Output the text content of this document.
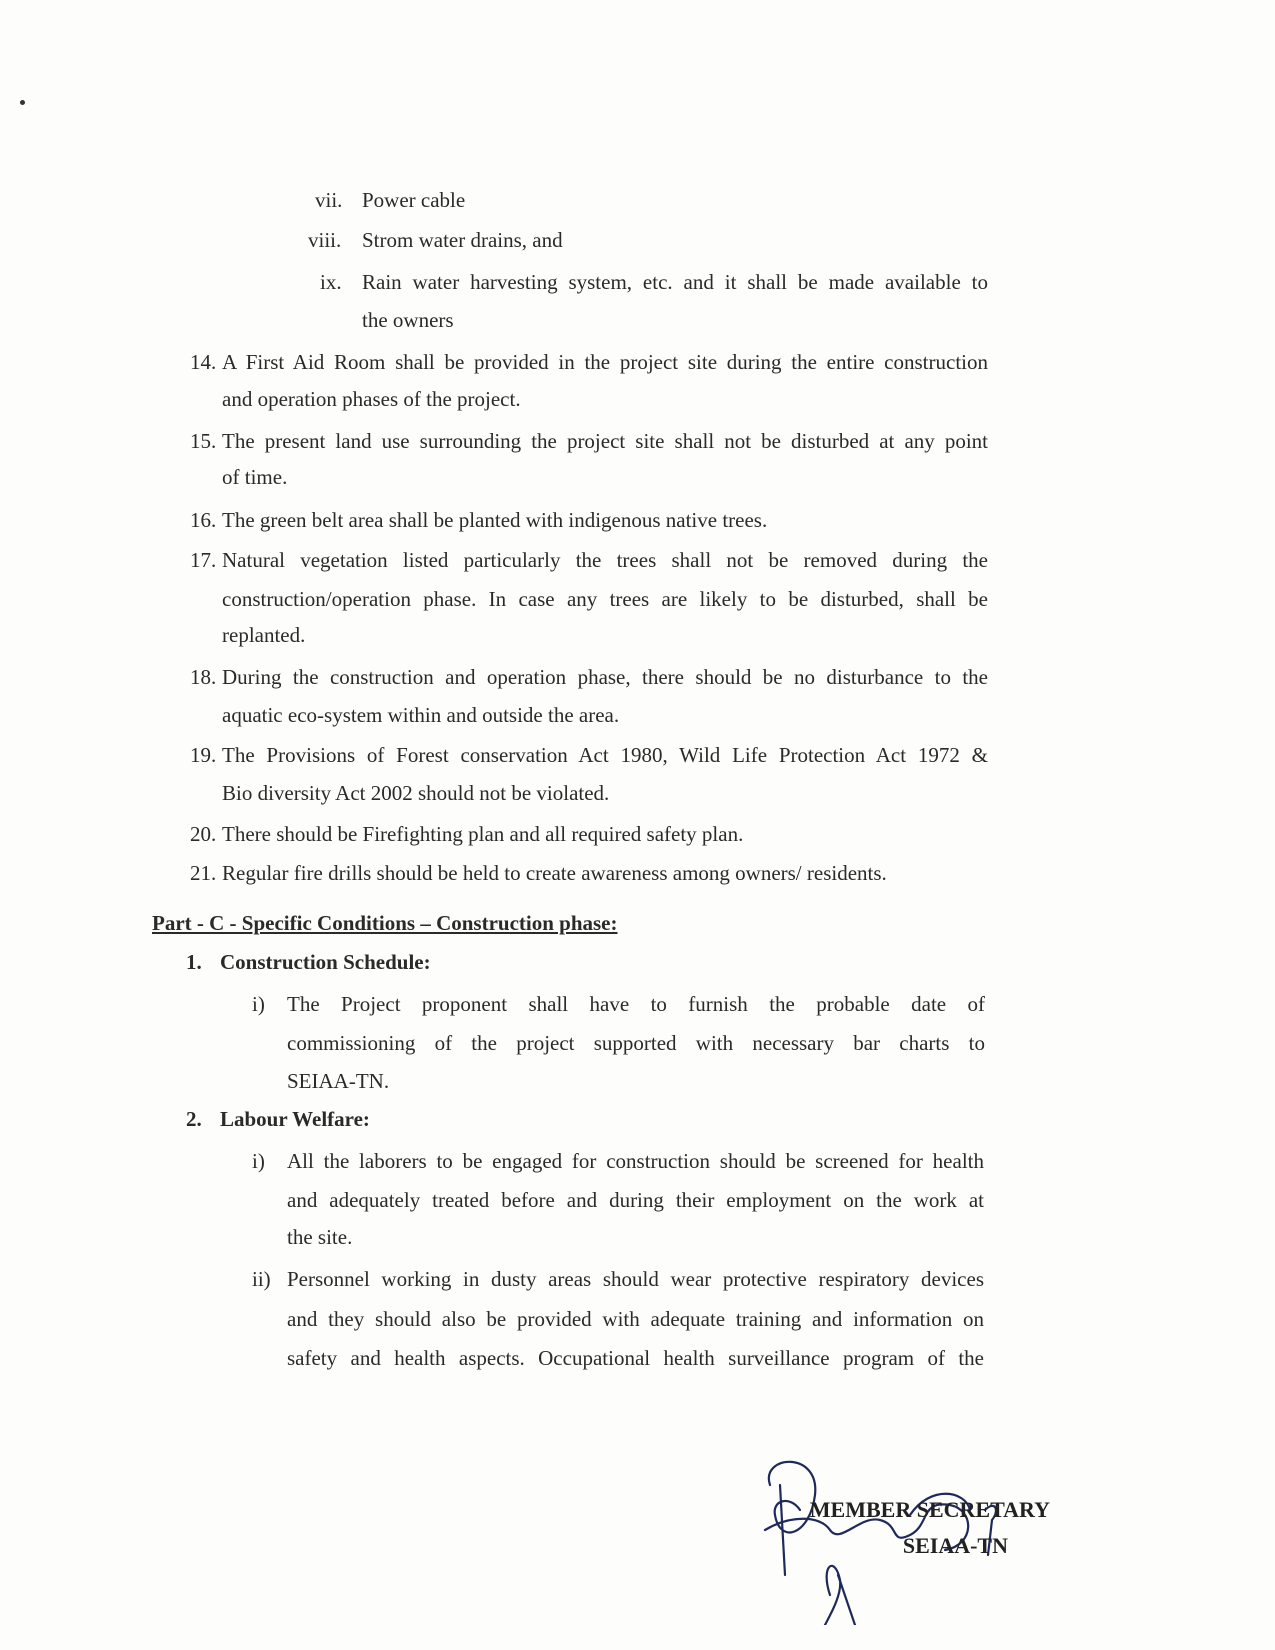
vii. Power cable
viii. Strom water drains, and
ix. Rain water harvesting system, etc. and it shall be made available to
the owners
14. A First Aid Room shall be provided in the project site during the entire construction
and operation phases of the project.
15. The present land use surrounding the project site shall not be disturbed at any point
of time.
16. The green belt area shall be planted with indigenous native trees.
17. Natural vegetation listed particularly the trees shall not be removed during the
construction/operation phase. In case any trees are likely to be disturbed, shall be
replanted.
18. During the construction and operation phase, there should be no disturbance to the
aquatic eco-system within and outside the area.
19. The Provisions of Forest conservation Act 1980, Wild Life Protection Act 1972 &
Bio diversity Act 2002 should not be violated.
20. There should be Firefighting plan and all required safety plan.
21. Regular fire drills should be held to create awareness among owners/ residents.
Part - C - Specific Conditions – Construction phase:
1. Construction Schedule:
i) The Project proponent shall have to furnish the probable date of
commissioning of the project supported with necessary bar charts to
SEIAA-TN.
2. Labour Welfare:
i) All the laborers to be engaged for construction should be screened for health
and adequately treated before and during their employment on the work at
the site.
ii) Personnel working in dusty areas should wear protective respiratory devices
and they should also be provided with adequate training and information on
safety and health aspects. Occupational health surveillance program of the
MEMBER SECRETARY
SEIAA-TN
